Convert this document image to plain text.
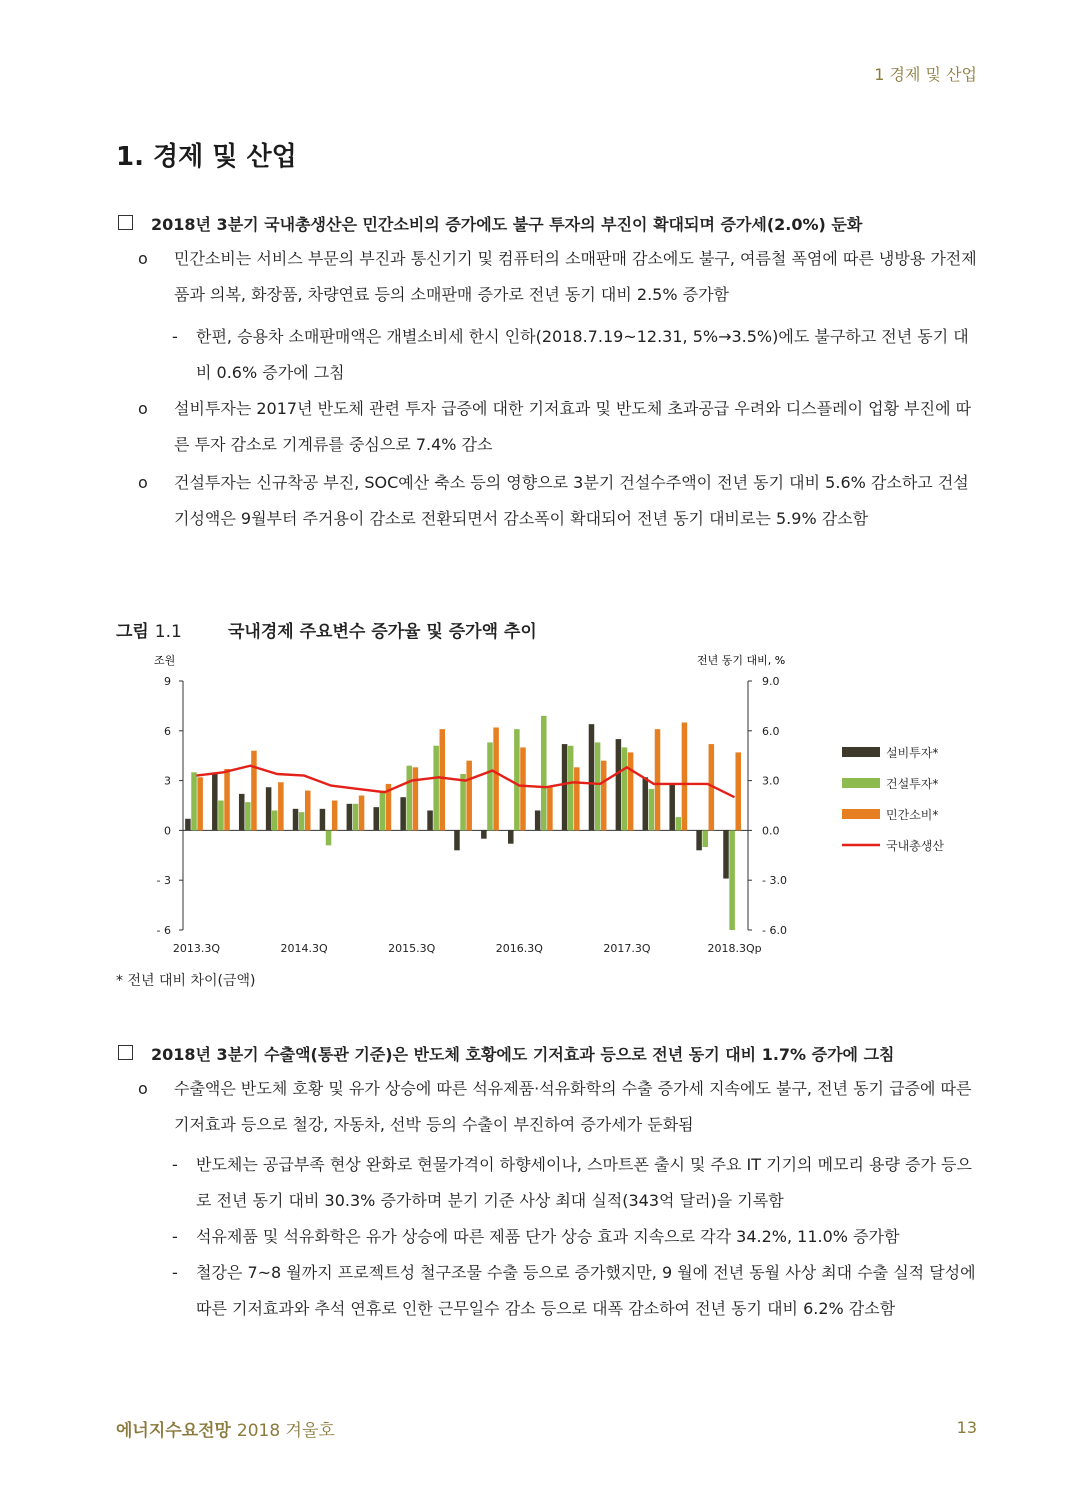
1 경제 및 산업
1. 경제 및 산업
2018년 3분기 국내총생산은 민간소비의 증가에도 불구 투자의 부진이 확대되며 증가세(2.0%) 둔화
o	민간소비는 서비스 부문의 부진과 통신기기 및 컴퓨터의 소매판매 감소에도 불구, 여름철 폭염에 따른 냉방용 가전제품과 의복, 화장품, 차량연료 등의 소매판매 증가로 전년 동기 대비 2.5% 증가함
-	한편, 승용차 소매판매액은 개별소비세 한시 인하(2018.7.19~12.31, 5%→3.5%)에도 불구하고 전년 동기 대비 0.6% 증가에 그침
o	설비투자는 2017년 반도체 관련 투자 급증에 대한 기저효과 및 반도체 초과공급 우려와 디스플레이 업황 부진에 따른 투자 감소로 기계류를 중심으로 7.4% 감소
o	건설투자는 신규착공 부진, SOC예산 축소 등의 영향으로 3분기 건설수주액이 전년 동기 대비 5.6% 감소하고 건설기성액은 9월부터 주거용이 감소로 전환되면서 감소폭이 확대되어 전년 동기 대비로는 5.9% 감소함
그림 1.1	국내경제 주요변수 증가율 및 증가액 추이
조원	전년 동기 대비, %
9	9.0
6	6.0
3	3.0
0	0.0
- 3	- 3.0
- 6	- 6.0
2013.3Q	2014.3Q	2015.3Q	2016.3Q	2017.3Q	2018.3Qp
설비투자*
건설투자*
민간소비*
국내총생산
* 전년 대비 차이(금액)
2018년 3분기 수출액(통관 기준)은 반도체 호황에도 기저효과 등으로 전년 동기 대비 1.7% 증가에 그침
o	수출액은 반도체 호황 및 유가 상승에 따른 석유제품·석유화학의 수출 증가세 지속에도 불구, 전년 동기 급증에 따른 기저효과 등으로 철강, 자동차, 선박 등의 수출이 부진하여 증가세가 둔화됨
-	반도체는 공급부족 현상 완화로 현물가격이 하향세이나, 스마트폰 출시 및 주요 IT 기기의 메모리 용량 증가 등으로 전년 동기 대비 30.3% 증가하며 분기 기준 사상 최대 실적(343억 달러)을 기록함
-	석유제품 및 석유화학은 유가 상승에 따른 제품 단가 상승 효과 지속으로 각각 34.2%, 11.0% 증가함
-	철강은 7~8 월까지 프로젝트성 철구조물 수출 등으로 증가했지만, 9 월에 전년 동월 사상 최대 수출 실적 달성에 따른 기저효과와 추석 연휴로 인한 근무일수 감소 등으로 대폭 감소하여 전년 동기 대비 6.2% 감소함
에너지수요전망 2018 겨울호	13
